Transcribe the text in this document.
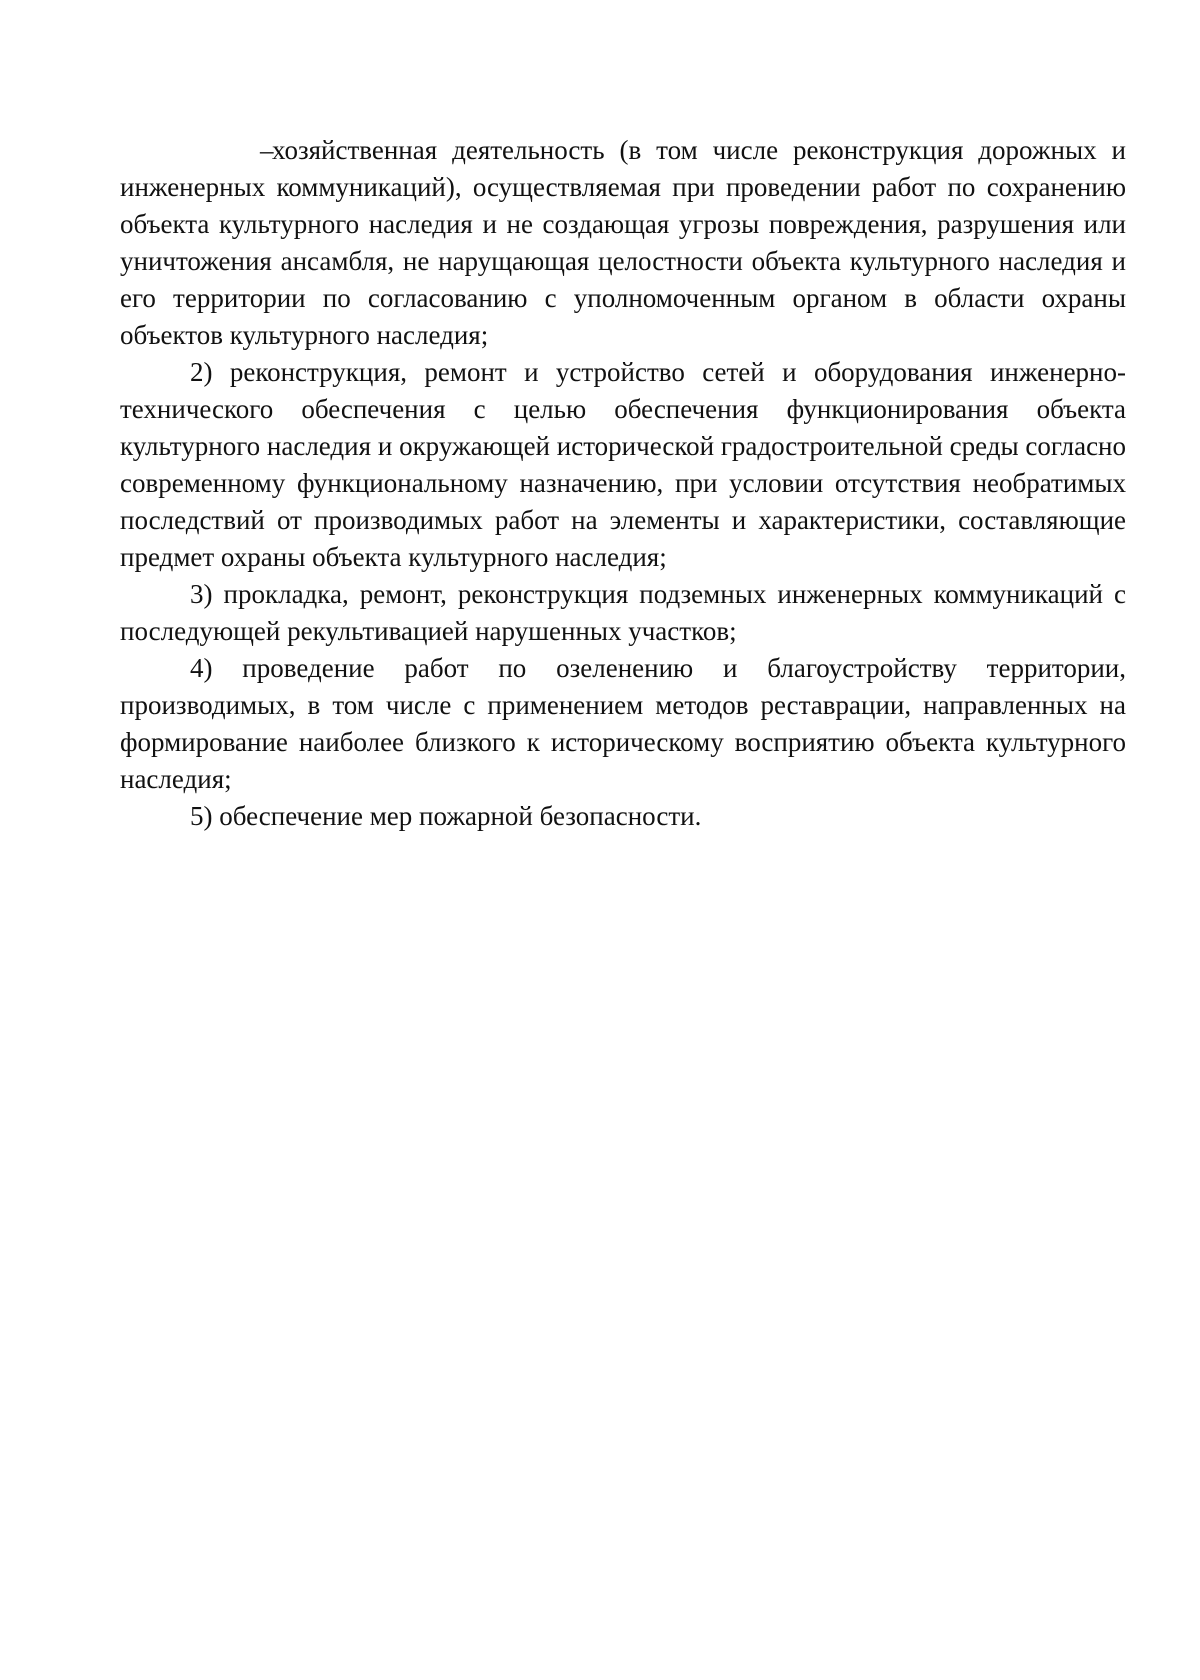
–хозяйственная деятельность (в том числе реконструкция дорожных и инженерных коммуникаций), осуществляемая при проведении работ по сохранению объекта культурного наследия и не создающая угрозы повреждения, разрушения или уничтожения ансамбля, не нарущающая целостности объекта культурного наследия и его территории по согласованию с уполномоченным органом в области охраны объектов культурного наследия;

2) реконструкция, ремонт и устройство сетей и оборудования инженерно-технического обеспечения с целью обеспечения функционирования объекта культурного наследия и окружающей исторической градостроительной среды согласно современному функциональному назначению, при условии отсутствия необратимых последствий от производимых работ на элементы и характеристики, составляющие предмет охраны объекта культурного наследия;

3) прокладка, ремонт, реконструкция подземных инженерных коммуникаций с последующей рекультивацией нарушенных участков;

4) проведение работ по озеленению и благоустройству территории, производимых, в том числе с применением методов реставрации, направленных на формирование наиболее близкого к историческому восприятию объекта культурного наследия;

5) обеспечение мер пожарной безопасности.
